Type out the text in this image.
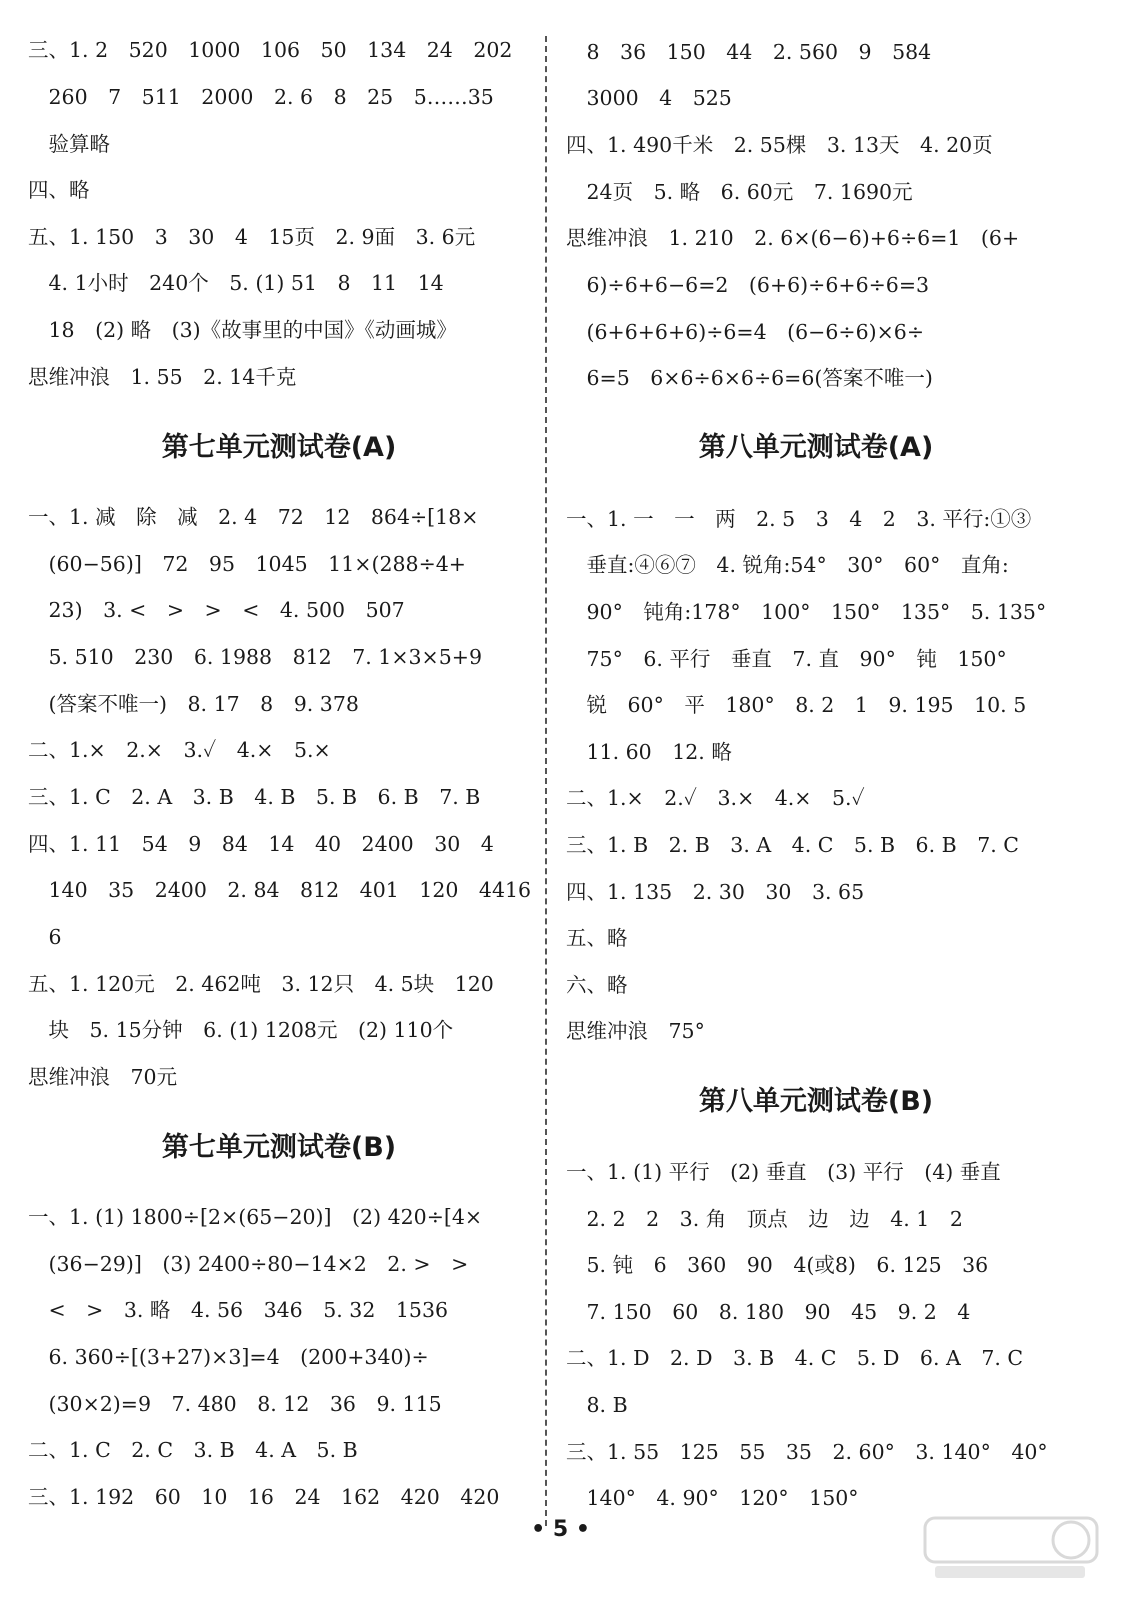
三、1. 2　520　1000　106　50　134　24　202
　260　7　511　2000　2. 6　8　25　5……35
　验算略
四、略
五、1. 150　3　30　4　15页　2. 9面　3. 6元
　4. 1小时　240个　5. (1) 51　8　11　14
　18　(2) 略　(3)《故事里的中国》《动画城》
思维冲浪　1. 55　2. 14千克
第七单元测试卷(A)
一、1. 减　除　减　2. 4　72　12　864÷[18×
　(60−56)]　72　95　1045　11×(288÷4+
　23)　3. <　>　>　<　4. 500　507
　5. 510　230　6. 1988　812　7. 1×3×5+9
　(答案不唯一)　8. 17　8　9. 378
二、1.×　2.×　3.✓　4.×　5.×
三、1. C　2. A　3. B　4. B　5. B　6. B　7. B
四、1. 11　54　9　84　14　40　2400　30　4
　140　35　2400　2. 84　812　401　120　4416
　6
五、1. 120元　2. 462吨　3. 12只　4. 5块　120
　块　5. 15分钟　6. (1) 1208元　(2) 110个
思维冲浪　70元
第七单元测试卷(B)
一、1. (1) 1800÷[2×(65−20)]　(2) 420÷[4×
　(36−29)]　(3) 2400÷80−14×2　2. >　>
　<　>　3. 略　4. 56　346　5. 32　1536
　6. 360÷[(3+27)×3]=4　(200+340)÷
　(30×2)=9　7. 480　8. 12　36　9. 115
二、1. C　2. C　3. B　4. A　5. B
三、1. 192　60　10　16　24　162　420　420
　8　36　150　44　2. 560　9　584
　3000　4　525
四、1. 490千米　2. 55棵　3. 13天　4. 20页
　24页　5. 略　6. 60元　7. 1690元
思维冲浪　1. 210　2. 6×(6−6)+6÷6=1　(6+
　6)÷6+6−6=2　(6+6)÷6+6÷6=3
　(6+6+6+6)÷6=4　(6−6÷6)×6÷
　6=5　6×6÷6×6÷6=6(答案不唯一)
第八单元测试卷(A)
一、1. 一　一　两　2. 5　3　4　2　3. 平行:①③
　垂直:④⑥⑦　4. 锐角:54°　30°　60°　直角:
　90°　钝角:178°　100°　150°　135°　5. 135°
　75°　6. 平行　垂直　7. 直　90°　钝　150°
　锐　60°　平　180°　8. 2　1　9. 195　10. 5
　11. 60　12. 略
二、1.×　2.✓　3.×　4.×　5.✓
三、1. B　2. B　3. A　4. C　5. B　6. B　7. C
四、1. 135　2. 30　30　3. 65
五、略
六、略
思维冲浪　75°
第八单元测试卷(B)
一、1. (1) 平行　(2) 垂直　(3) 平行　(4) 垂直
　2. 2　2　3. 角　顶点　边　边　4. 1　2
　5. 钝　6　360　90　4(或8)　6. 125　36
　7. 150　60　8. 180　90　45　9. 2　4
二、1. D　2. D　3. B　4. C　5. D　6. A　7. C
　8. B
三、1. 55　125　55　35　2. 60°　3. 140°　40°
　140°　4. 90°　120°　150°
• 5 •
